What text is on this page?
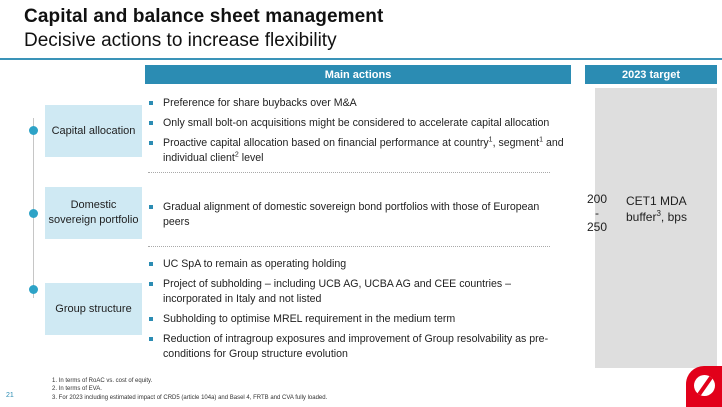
Capital and balance sheet management
Decisive actions to increase flexibility
Main actions	2023 target
Capital allocation
Domestic
sovereign portfolio
Group structure
Preference for share buybacks over M&A
Only small bolt-on acquisitions might be considered to accelerate capital allocation
Proactive capital allocation based on financial performance at country$^1$, segment$^1$ and individual client$^2$ level
Gradual alignment of domestic sovereign bond portfolios with those of European peers
UC SpA to remain as operating holding
Project of subholding – including UCB AG, UCBA AG and CEE countries – incorporated in Italy and not listed
Subholding to optimise MREL requirement in the medium term
Reduction of intragroup exposures and improvement of Group resolvability as pre-conditions for Group structure evolution
200
-
250
CET1 MDA
buffer$^3$, bps
1. In terms of RoAC vs. cost of equity.
2. In terms of EVA.
3. For 2023 including estimated impact of CRD5 (article 104a) and Basel 4, FRTB and CVA fully loaded.
21
